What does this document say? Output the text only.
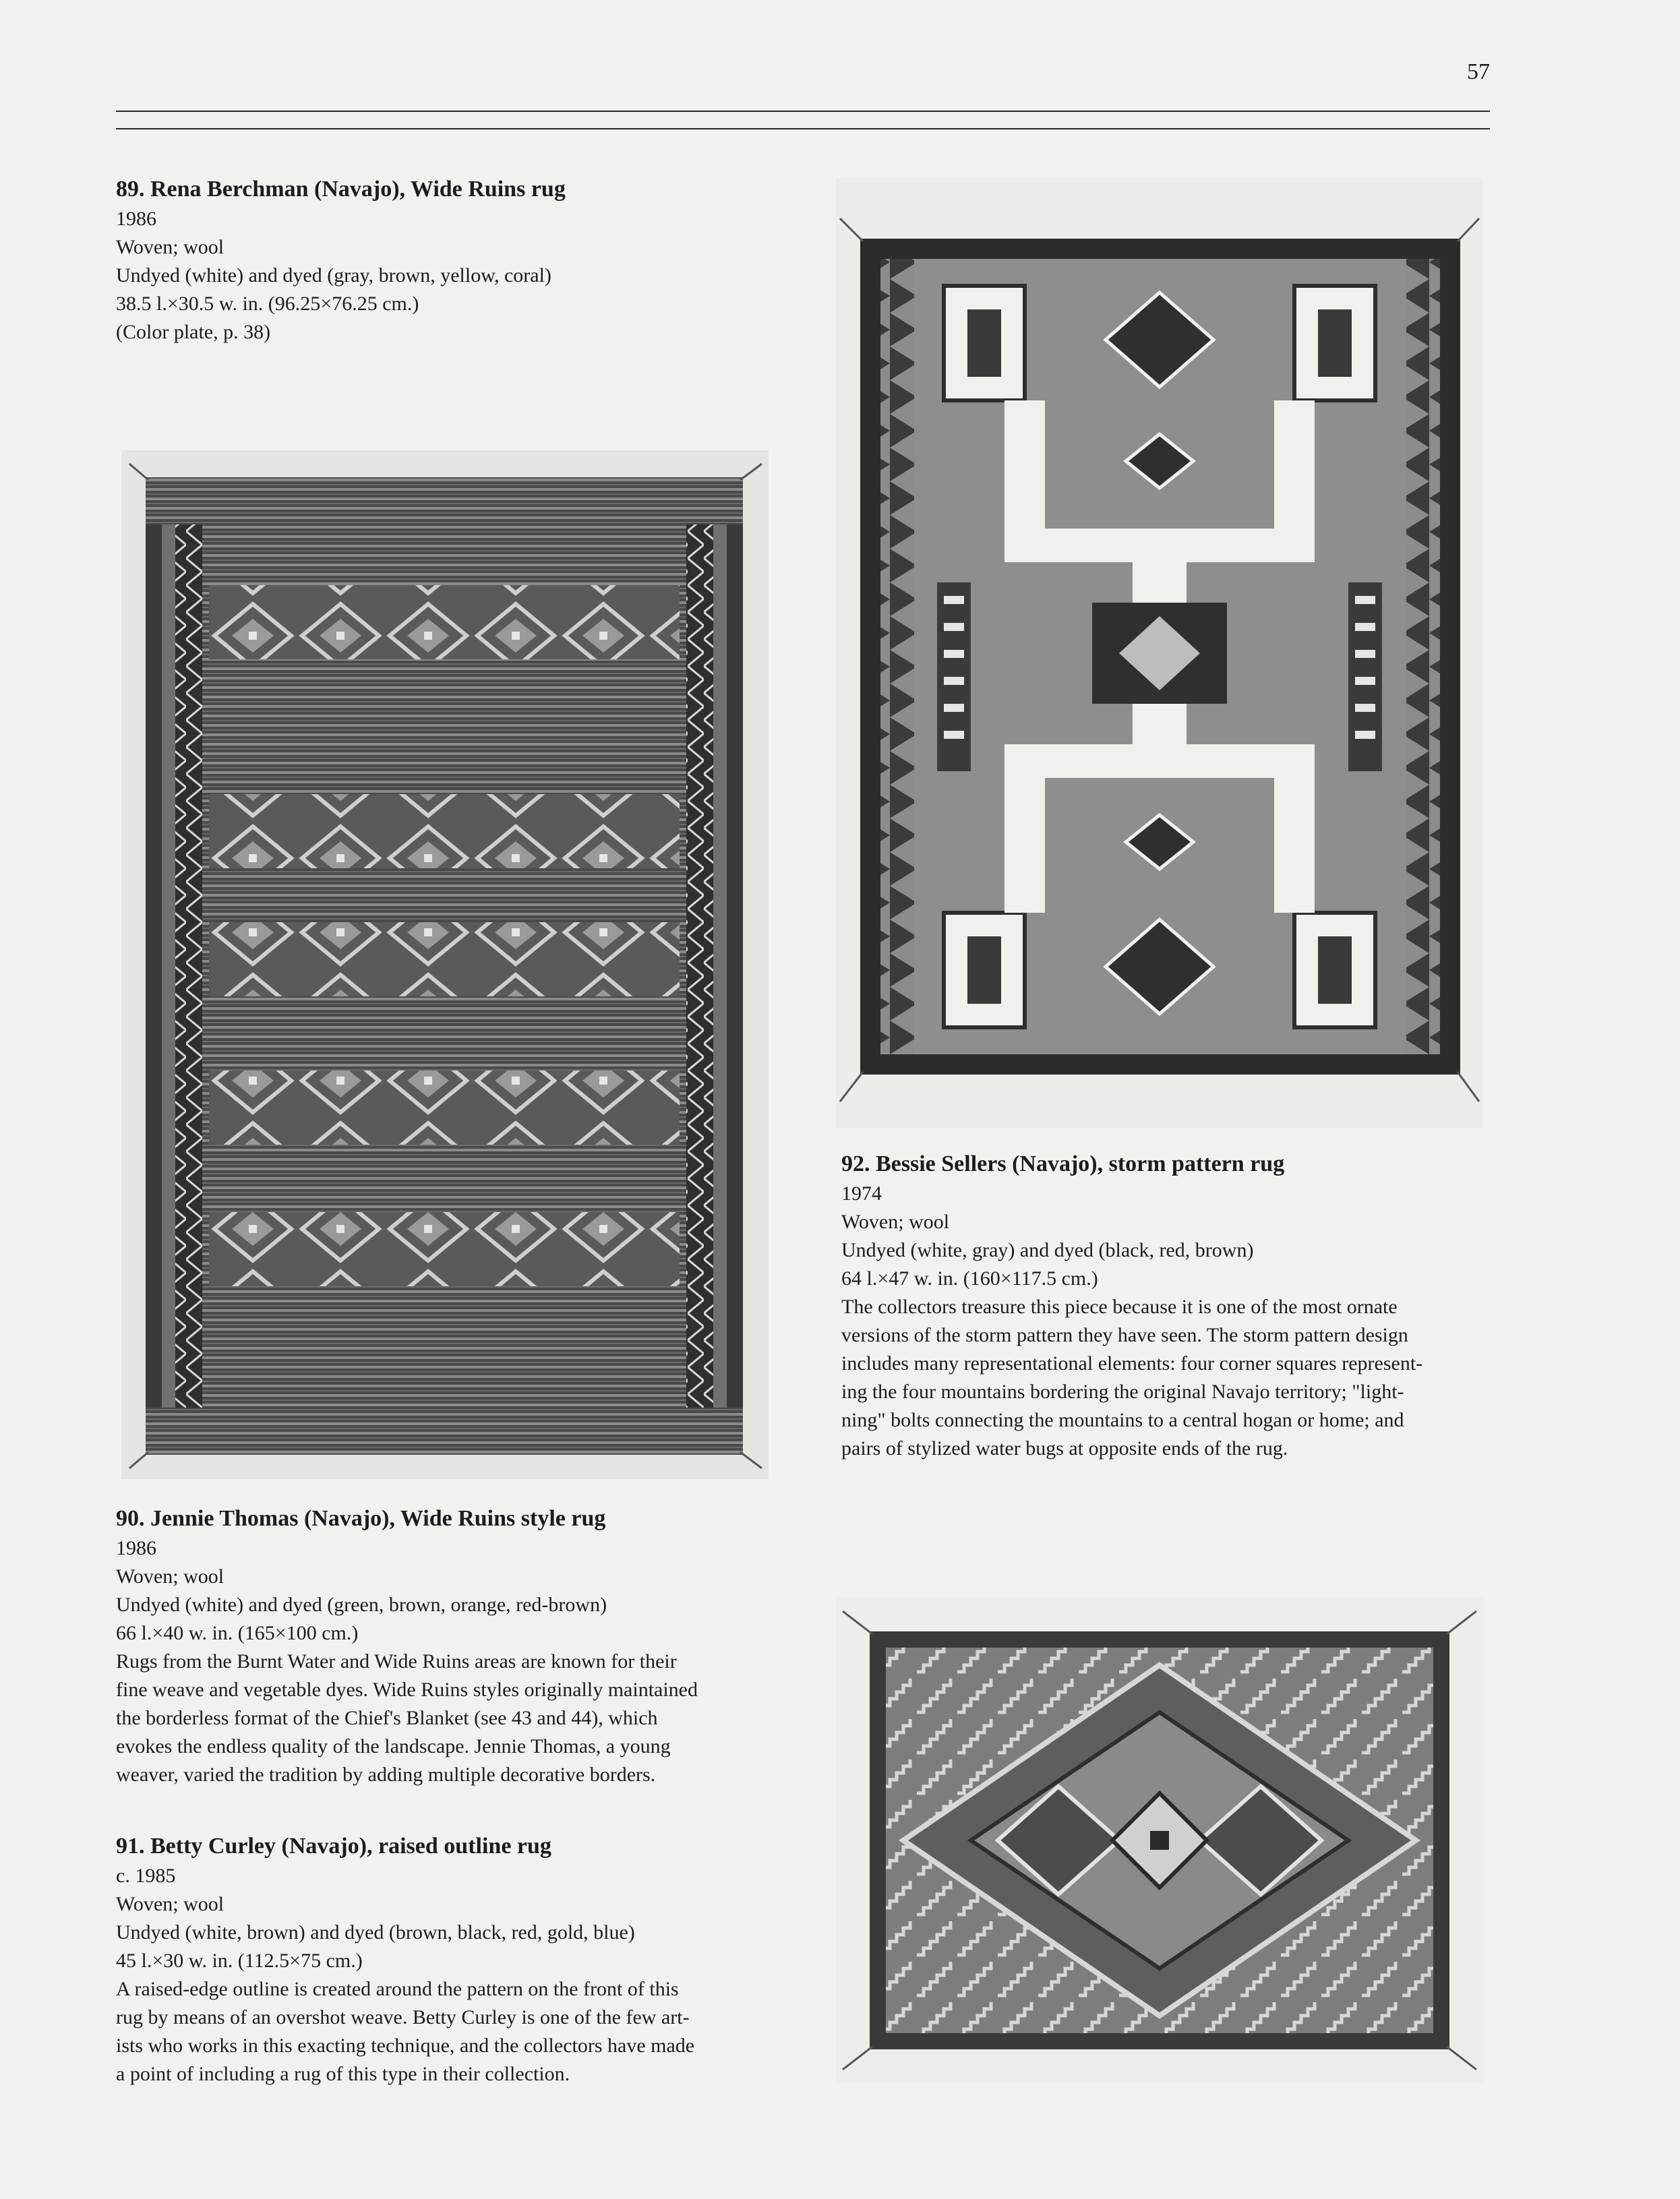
57
89. Rena Berchman (Navajo), Wide Ruins rug
1986
Woven; wool
Undyed (white) and dyed (gray, brown, yellow, coral)
38.5 l.×30.5 w. in. (96.25×76.25 cm.)
(Color plate, p. 38)
90. Jennie Thomas (Navajo), Wide Ruins style rug
1986
Woven; wool
Undyed (white) and dyed (green, brown, orange, red-brown)
66 l.×40 w. in. (165×100 cm.)
Rugs from the Burnt Water and Wide Ruins areas are known for their
fine weave and vegetable dyes. Wide Ruins styles originally maintained
the borderless format of the Chief's Blanket (see 43 and 44), which
evokes the endless quality of the landscape. Jennie Thomas, a young
weaver, varied the tradition by adding multiple decorative borders.
91. Betty Curley (Navajo), raised outline rug
c. 1985
Woven; wool
Undyed (white, brown) and dyed (brown, black, red, gold, blue)
45 l.×30 w. in. (112.5×75 cm.)
A raised-edge outline is created around the pattern on the front of this
rug by means of an overshot weave. Betty Curley is one of the few art-
ists who works in this exacting technique, and the collectors have made
a point of including a rug of this type in their collection.
92. Bessie Sellers (Navajo), storm pattern rug
1974
Woven; wool
Undyed (white, gray) and dyed (black, red, brown)
64 l.×47 w. in. (160×117.5 cm.)
The collectors treasure this piece because it is one of the most ornate
versions of the storm pattern they have seen. The storm pattern design
includes many representational elements: four corner squares represent-
ing the four mountains bordering the original Navajo territory; "light-
ning" bolts connecting the mountains to a central hogan or home; and
pairs of stylized water bugs at opposite ends of the rug.
